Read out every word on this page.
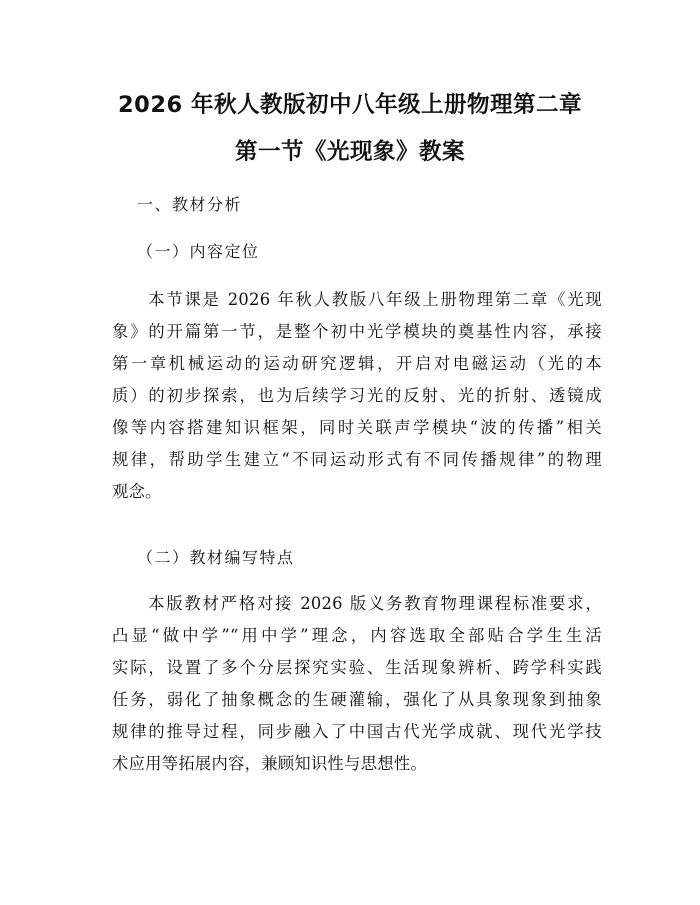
2026 年秋人教版初中八年级上册物理第二章
第一节《光现象》教案

一、教材分析

（一）内容定位

　　本节课是 2026 年秋人教版八年级上册物理第二章《光现
象》的开篇第一节，是整个初中光学模块的奠基性内容，承接
第一章机械运动的运动研究逻辑，开启对电磁运动（光的本
质）的初步探索，也为后续学习光的反射、光的折射、透镜成
像等内容搭建知识框架，同时关联声学模块“波的传播”相关
规律，帮助学生建立“不同运动形式有不同传播规律”的物理
观念。

（二）教材编写特点

　　本版教材严格对接 2026 版义务教育物理课程标准要求，
凸显“做中学”“用中学”理念，内容选取全部贴合学生生活
实际，设置了多个分层探究实验、生活现象辨析、跨学科实践
任务，弱化了抽象概念的生硬灌输，强化了从具象现象到抽象
规律的推导过程，同步融入了中国古代光学成就、现代光学技
术应用等拓展内容，兼顾知识性与思想性。
